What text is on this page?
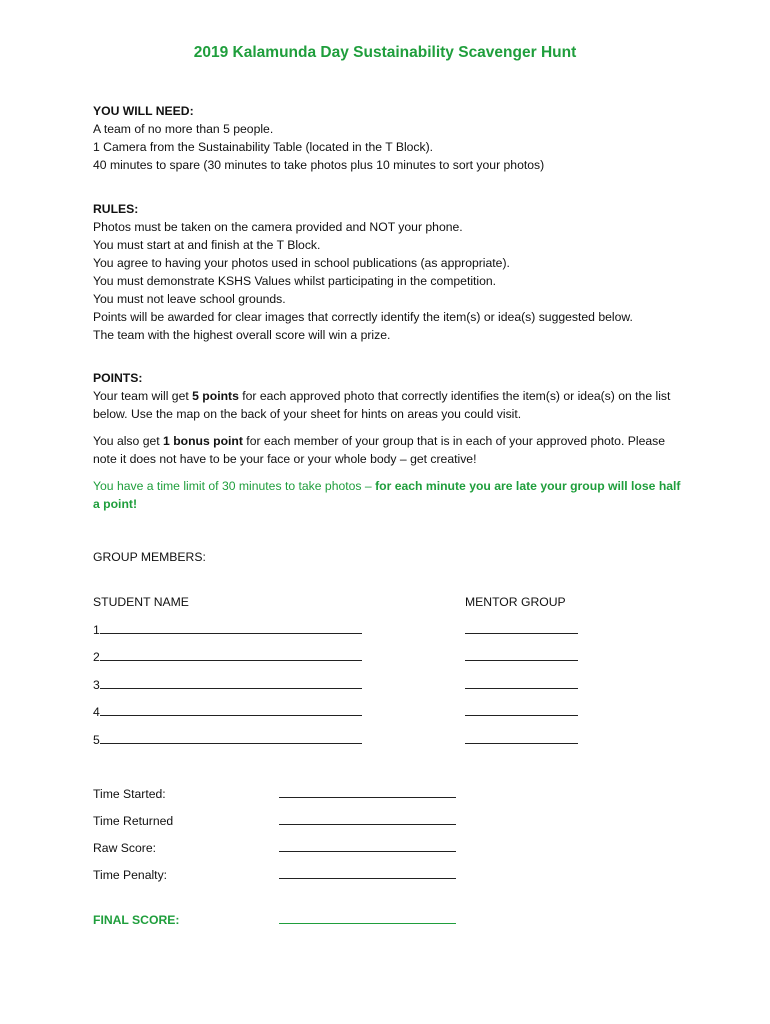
2019 Kalamunda Day Sustainability Scavenger Hunt
YOU WILL NEED:
A team of no more than 5 people.
1 Camera from the Sustainability Table (located in the T Block).
40 minutes to spare (30 minutes to take photos plus 10 minutes to sort your photos)
RULES:
Photos must be taken on the camera provided and NOT your phone.
You must start at and finish at the T Block.
You agree to having your photos used in school publications (as appropriate).
You must demonstrate KSHS Values whilst participating in the competition.
You must not leave school grounds.
Points will be awarded for clear images that correctly identify the item(s) or idea(s) suggested below.
The team with the highest overall score will win a prize.
POINTS:
Your team will get 5 points for each approved photo that correctly identifies the item(s) or idea(s) on the list below. Use the map on the back of your sheet for hints on areas you could visit.
You also get 1 bonus point for each member of your group that is in each of your approved photo. Please note it does not have to be your face or your whole body – get creative!
You have a time limit of 30 minutes to take photos – for each minute you are late your group will lose half a point!
GROUP MEMBERS:
STUDENT NAME	MENTOR GROUP
1
2
3
4
5
Time Started:
Time Returned
Raw Score:
Time Penalty:
FINAL SCORE:
